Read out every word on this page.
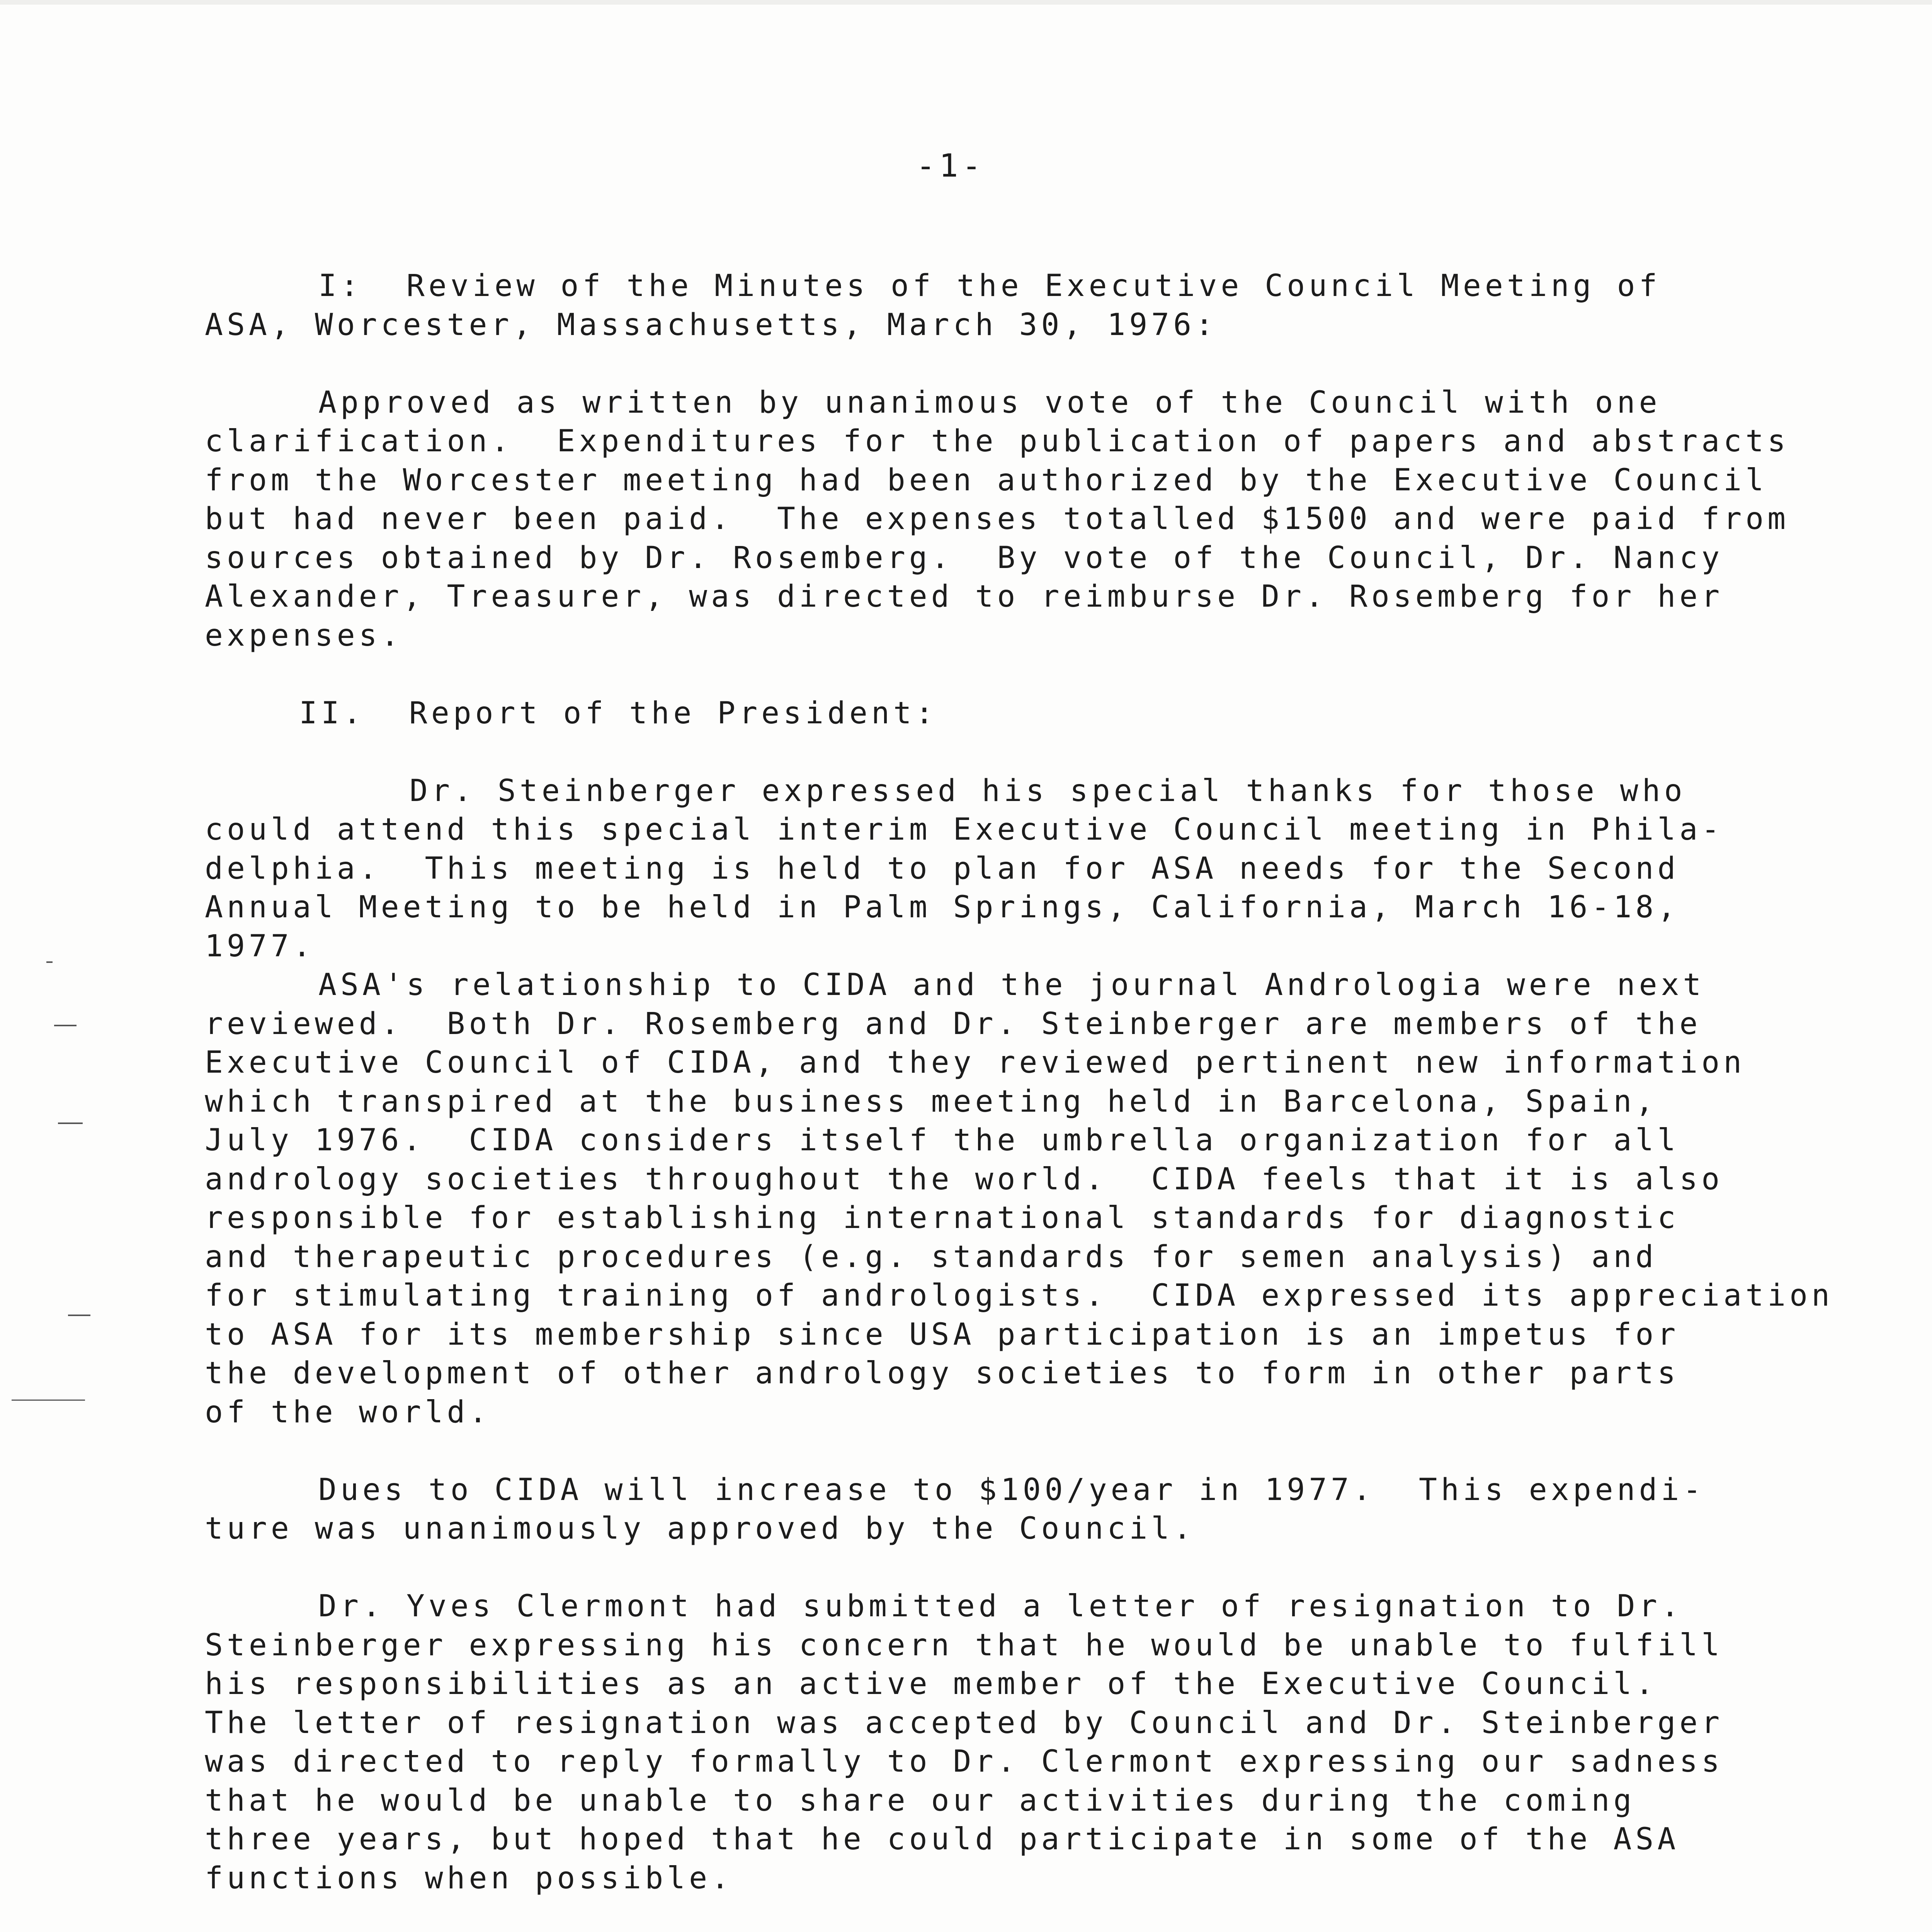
-1-
I:  Review of the Minutes of the Executive Council Meeting of
ASA, Worcester, Massachusetts, March 30, 1976:
Approved as written by unanimous vote of the Council with one
clarification.  Expenditures for the publication of papers and abstracts
from the Worcester meeting had been authorized by the Executive Council
but had never been paid.  The expenses totalled $1500 and were paid from
sources obtained by Dr. Rosemberg.  By vote of the Council, Dr. Nancy
Alexander, Treasurer, was directed to reimburse Dr. Rosemberg for her
expenses.
II.  Report of the President:
Dr. Steinberger expressed his special thanks for those who
could attend this special interim Executive Council meeting in Phila-
delphia.  This meeting is held to plan for ASA needs for the Second
Annual Meeting to be held in Palm Springs, California, March 16-18,
1977.
ASA's relationship to CIDA and the journal Andrologia were next
reviewed.  Both Dr. Rosemberg and Dr. Steinberger are members of the
Executive Council of CIDA, and they reviewed pertinent new information
which transpired at the business meeting held in Barcelona, Spain,
July 1976.  CIDA considers itself the umbrella organization for all
andrology societies throughout the world.  CIDA feels that it is also
responsible for establishing international standards for diagnostic
and therapeutic procedures (e.g. standards for semen analysis) and
for stimulating training of andrologists.  CIDA expressed its appreciation
to ASA for its membership since USA participation is an impetus for
the development of other andrology societies to form in other parts
of the world.
Dues to CIDA will increase to $100/year in 1977.  This expendi-
ture was unanimously approved by the Council.
Dr. Yves Clermont had submitted a letter of resignation to Dr.
Steinberger expressing his concern that he would be unable to fulfill
his responsibilities as an active member of the Executive Council.
The letter of resignation was accepted by Council and Dr. Steinberger
was directed to reply formally to Dr. Clermont expressing our sadness
that he would be unable to share our activities during the coming
three years, but hoped that he could participate in some of the ASA
functions when possible.
